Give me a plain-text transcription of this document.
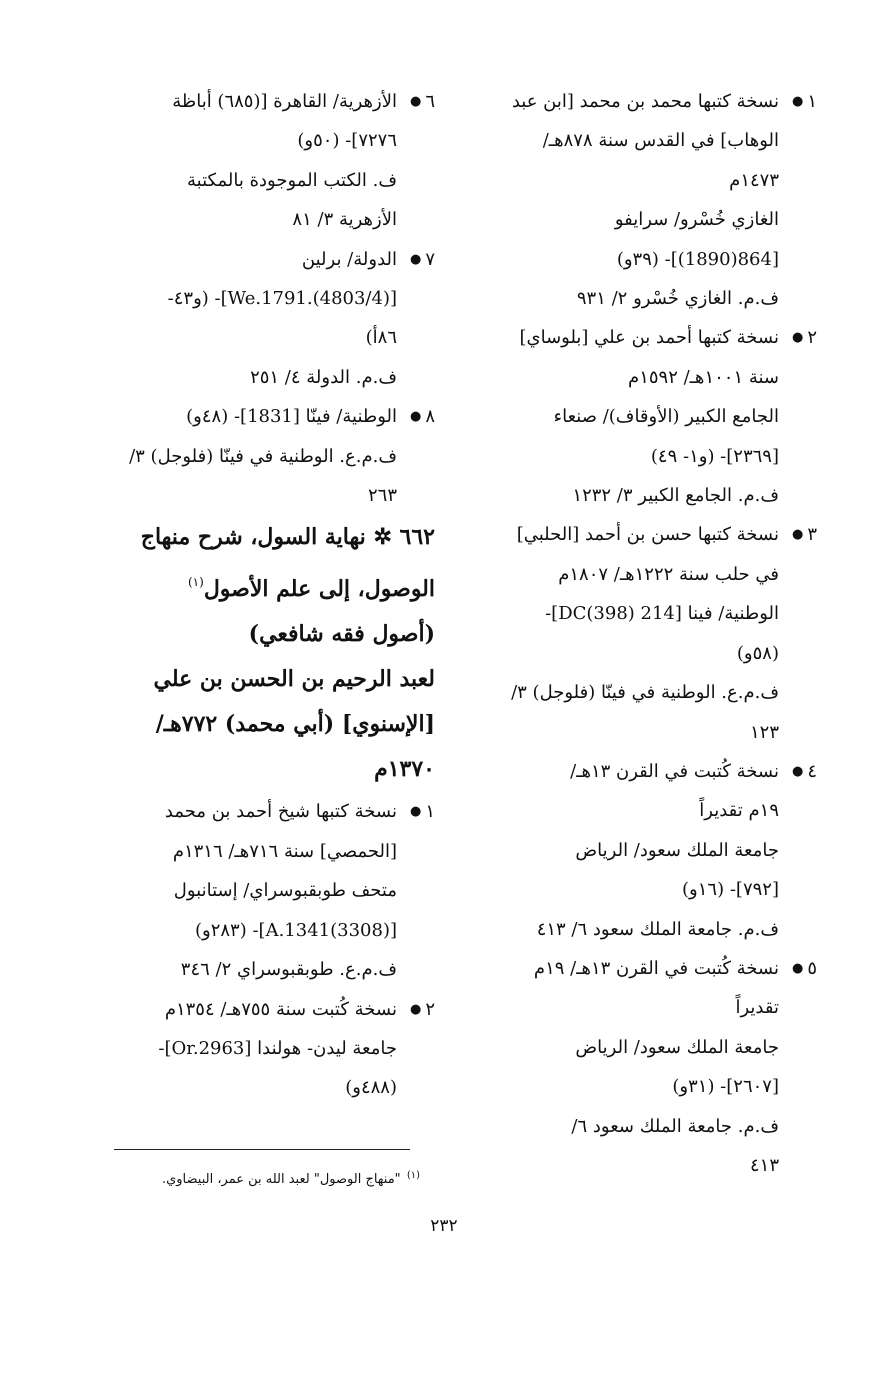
١●
نسخة كتبها محمد بن محمد [ابن عبد
الوهاب] في القدس سنة ٨٧٨هـ/
١٤٧٣م
الغازي خُسْرو/ سرايفو
[864(1890)]- (٣٩و)
ف.م. الغازي خُسْرو ٢/ ٩٣١
٢●
نسخة كتبها أحمد بن علي [بلوساي]
سنة ١٠٠١هـ/ ١٥٩٢م
الجامع الكبير (الأوقاف)/ صنعاء
[٢٣٦٩]- (و١- ٤٩)
ف.م. الجامع الكبير ٣/ ١٢٣٢
٣●
نسخة كتبها حسن بن أحمد [الحلبي]
في حلب سنة ١٢٢٢هـ/ ١٨٠٧م
الوطنية/ فينا [214 DC(398)]-
(٥٨و)
ف.م.ع. الوطنية في فينّا (فلوجل) ٣/
١٢٣
٤●
نسخة كُتبت في القرن ١٣هـ/
١٩م تقديراً
جامعة الملك سعود/ الرياض
[٧٩٢]- (١٦و)
ف.م. جامعة الملك سعود ٦/ ٤١٣
٥●
نسخة كُتبت في القرن ١٣هـ/ ١٩م
تقديراً
جامعة الملك سعود/ الرياض
[٢٦٠٧]- (٣١و)
ف.م. جامعة الملك سعود ٦/
٤١٣
٦●
الأزهرية/ القاهرة [(٦٨٥) أباظة
٧٢٧٦]- (٥٠و)
ف. الكتب الموجودة بالمكتبة
الأزهرية ٣/ ٨١
٧●
الدولة/ برلين
[We.1791.(4803/4)]- (و٤٣-
٨٦أ)
ف.م. الدولة ٤/ ٢٥١
٨●
الوطنية/ فينّا [1831]- (٤٨و)
ف.م.ع. الوطنية في فينّا (فلوجل) ٣/
٢٦٣
٦٦٢ ✲ نهاية السول، شرح منهاج
الوصول، إلى علم الأصول$^{(١)}$
(أصول فقه شافعي)
لعبد الرحيم بن الحسن بن علي
[الإسنوي] (أبي محمد) ٧٧٢هـ/
١٣٧٠م
١●
نسخة كتبها شيخ أحمد بن محمد
[الحمصي] سنة ٧١٦هـ/ ١٣١٦م
متحف طوبقبوسراي/ إستانبول
[A.1341(3308)]- (٢٨٣و)
ف.م.ع. طوبقبوسراي ٢/ ٣٤٦
٢●
نسخة كُتبت سنة ٧٥٥هـ/ ١٣٥٤م
جامعة ليدن- هولندا [Or.2963]-
(٤٨٨و)
$^{(١)}$ "منهاج الوصول" لعبد الله بن عمر، البيضاوي.
٢٣٢
